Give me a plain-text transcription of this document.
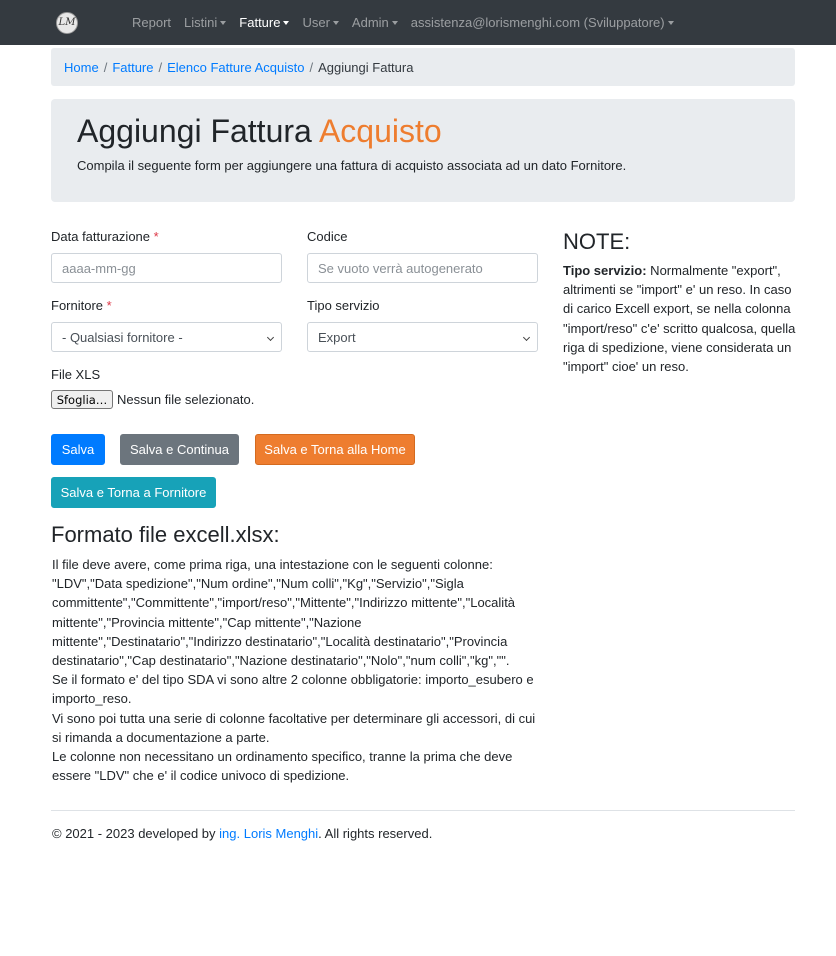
LM	Report Listini	Fatture	User	Admin	assistenza@lorismenghi.com (Sviluppatore)
Home / Fatture / Elenco Fatture Acquisto / Aggiungi Fattura
Aggiungi Fattura Acquisto

Compila il seguente form per aggiungere una fattura di acquisto associata ad un dato Fornitore.

Data fatturazione *
aaaa-mm-gg
Codice
Se vuoto verrà autogenerato
Fornitore *
- Qualsiasi fornitore -
Tipo servizio
Export
File XLS
Sfoglia… Nessun file selezionato.
Salva	Salva e Continua	Salva e Torna alla Home
Salva e Torna a Fornitore
Formato file excell.xlsx:

Il file deve avere, come prima riga, una intestazione con le seguenti colonne: "LDV","Data spedizione","Num ordine","Num colli","Kg","Servizio","Sigla committente","Committente","import/reso","Mittente","Indirizzo mittente","Località mittente","Provincia mittente","Cap mittente","Nazione mittente","Destinatario","Indirizzo destinatario","Località destinatario","Provincia destinatario","Cap destinatario","Nazione destinatario","Nolo","num colli","kg","".

Se il formato e' del tipo SDA vi sono altre 2 colonne obbligatorie: importo_esubero e importo_reso.

Vi sono poi tutta una serie di colonne facoltative per determinare gli accessori, di cui si rimanda a documentazione a parte.

Le colonne non necessitano un ordinamento specifico, tranne la prima che deve essere "LDV" che e' il codice univoco di spedizione.

NOTE:
Tipo servizio: Normalmente "export", altrimenti se "import" e' un reso. In caso di carico Excell export, se nella colonna "import/reso" c'e' scritto qualcosa, quella riga di spedizione, viene considerata un "import" cioe' un reso.
© 2021 - 2023 developed by ing. Loris Menghi. All rights reserved.
